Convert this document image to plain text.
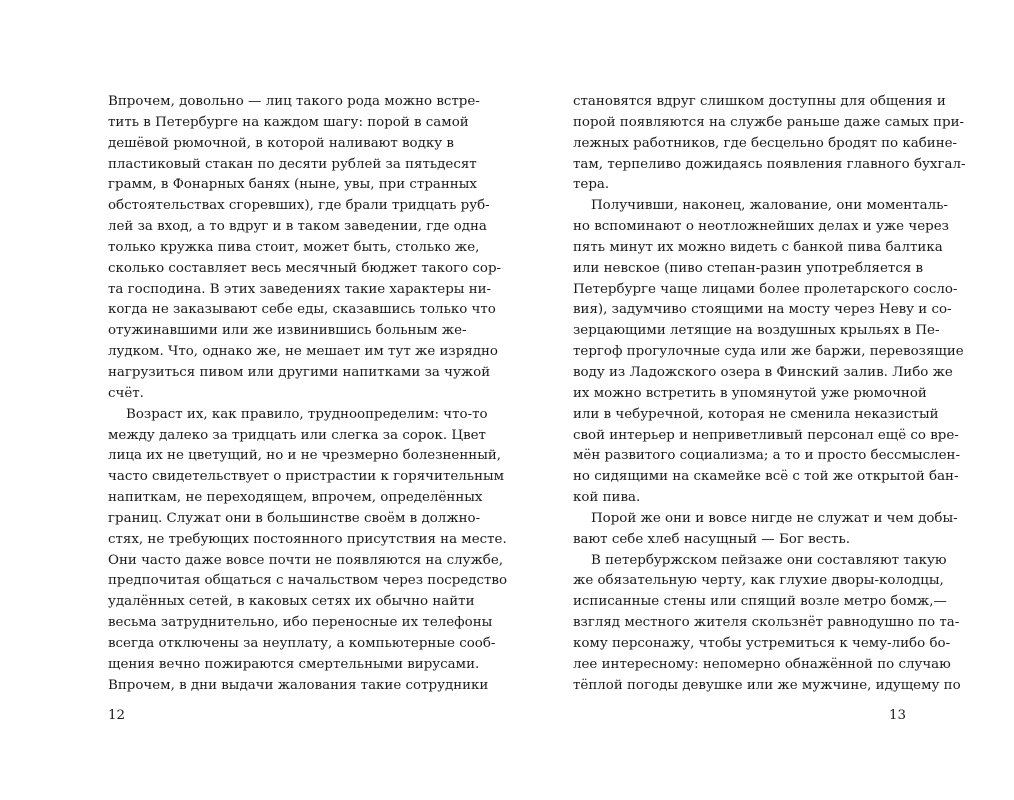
Впрочем, довольно — лиц такого рода можно встре-
тить в Петербурге на каждом шагу: порой в самой
дешёвой рюмочной, в которой наливают водку в
пластиковый стакан по десяти рублей за пятьдесят
грамм, в Фонарных банях (ныне, увы, при странных
обстоятельствах сгоревших), где брали тридцать руб-
лей за вход, а то вдруг и в таком заведении, где одна
только кружка пива стоит, может быть, столько же,
сколько составляет весь месячный бюджет такого сор-
та господина. В этих заведениях такие характеры ни-
когда не заказывают себе еды, сказавшись только что
отужинавшими или же извинившись больным же-
лудком. Что, однако же, не мешает им тут же изрядно
нагрузиться пивом или другими напитками за чужой
счёт.
Возраст их, как правило, трудноопределим: что-то
между далеко за тридцать или слегка за сорок. Цвет
лица их не цветущий, но и не чрезмерно болезненный,
часто свидетельствует о пристрастии к горячительным
напиткам, не переходящем, впрочем, определённых
границ. Служат они в большинстве своём в должно-
стях, не требующих постоянного присутствия на месте.
Они часто даже вовсе почти не появляются на службе,
предпочитая общаться с начальством через посредство
удалённых сетей, в каковых сетях их обычно найти
весьма затруднительно, ибо переносные их телефоны
всегда отключены за неуплату, а компьютерные сооб-
щения вечно пожираются смертельными вирусами.
Впрочем, в дни выдачи жалования такие сотрудники
12
становятся вдруг слишком доступны для общения и
порой появляются на службе раньше даже самых при-
лежных работников, где бесцельно бродят по кабине-
там, терпеливо дожидаясь появления главного бухгал-
тера.
Получивши, наконец, жалование, они моменталь-
но вспоминают о неотложнейших делах и уже через
пять минут их можно видеть с банкой пива балтика
или невское (пиво степан-разин употребляется в
Петербурге чаще лицами более пролетарского сосло-
вия), задумчиво стоящими на мосту через Неву и со-
зерцающими летящие на воздушных крыльях в Пе-
тергоф прогулочные суда или же баржи, перевозящие
воду из Ладожского озера в Финский залив. Либо же
их можно встретить в упомянутой уже рюмочной
или в чебуречной, которая не сменила неказистый
свой интерьер и неприветливый персонал ещё со вре-
мён развитого социализма; а то и просто бессмыслен-
но сидящими на скамейке всё с той же открытой бан-
кой пива.
Порой же они и вовсе нигде не служат и чем добы-
вают себе хлеб насущный — Бог весть.
В петербуржском пейзаже они составляют такую
же обязательную черту, как глухие дворы-колодцы,
исписанные стены или спящий возле метро бомж,—
взгляд местного жителя скользнёт равнодушно по та-
кому персонажу, чтобы устремиться к чему-либо бо-
лее интересному: непомерно обнажённой по случаю
тёплой погоды девушке или же мужчине, идущему по
13
